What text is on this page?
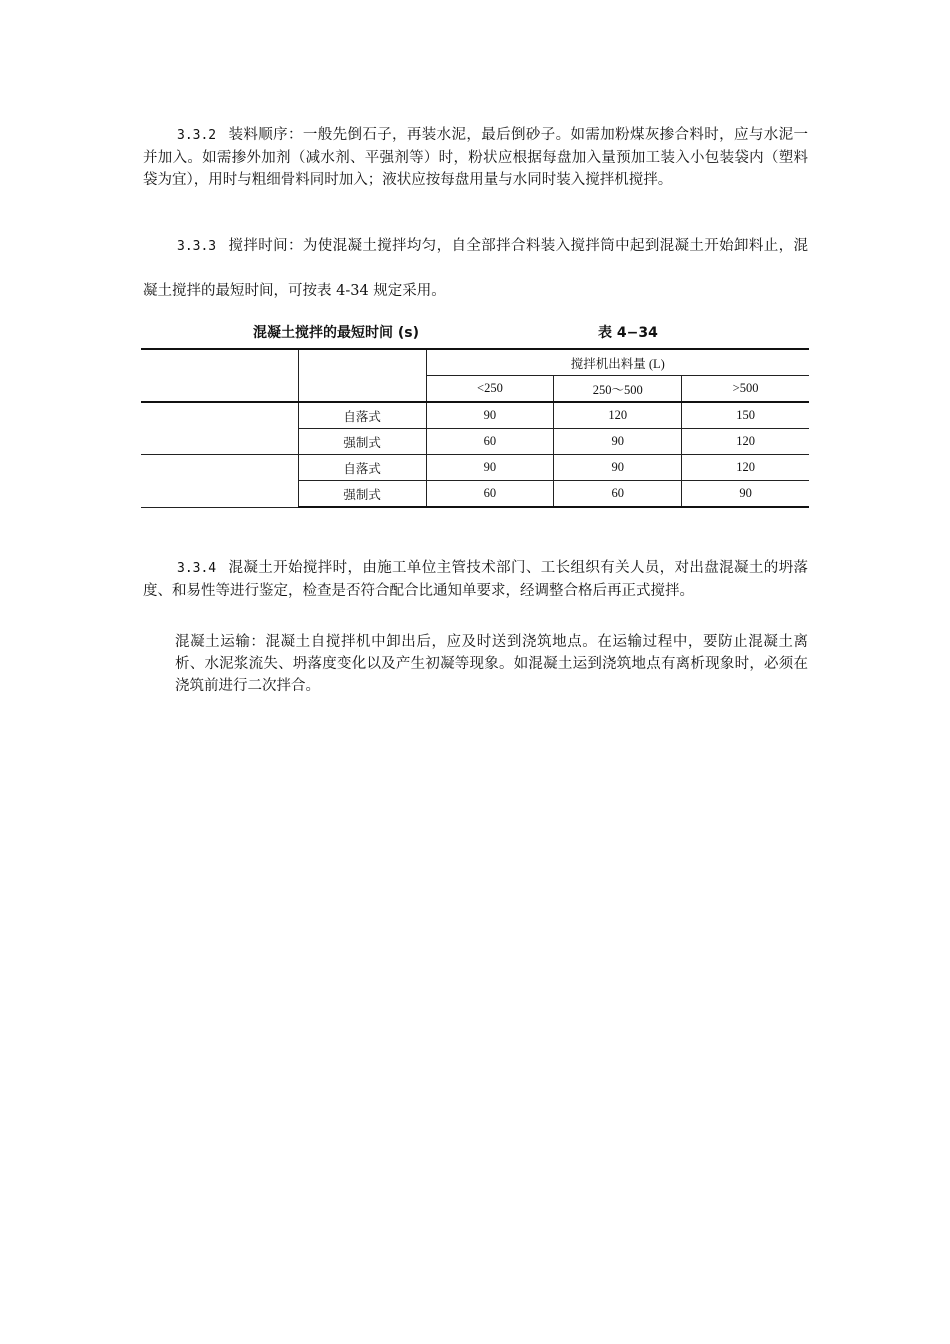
3.3.2 装料顺序：一般先倒石子，再装水泥，最后倒砂子。如需加粉煤灰掺合料时，应与水泥一并加入。如需掺外加剂（减水剂、平强剂等）时，粉状应根据每盘加入量预加工装入小包装袋内（塑料袋为宜），用时与粗细骨料同时加入；液状应按每盘用量与水同时装入搅拌机搅拌。

3.3.3 搅拌时间：为使混凝土搅拌均匀，自全部拌合料装入搅拌筒中起到混凝土开始卸料止，混凝土搅拌的最短时间，可按表 4-34 规定采用。

混凝土搅拌的最短时间 (s)	表 4−34
		搅拌机出料量 (L)		
		<250	250～500	>500
	自落式	90	120	150
	强制式	60	90	120
	自落式	90	90	120
	强制式	60	60	90

3.3.4 混凝土开始搅拌时，由施工单位主管技术部门、工长组织有关人员，对出盘混凝土的坍落度、和易性等进行鉴定，检查是否符合配合比通知单要求，经调整合格后再正式搅拌。

混凝土运输：混凝土自搅拌机中卸出后，应及时送到浇筑地点。在运输过程中，要防止混凝土离析、水泥浆流失、坍落度变化以及产生初凝等现象。如混凝土运到浇筑地点有离析现象时，必须在浇筑前进行二次拌合。
